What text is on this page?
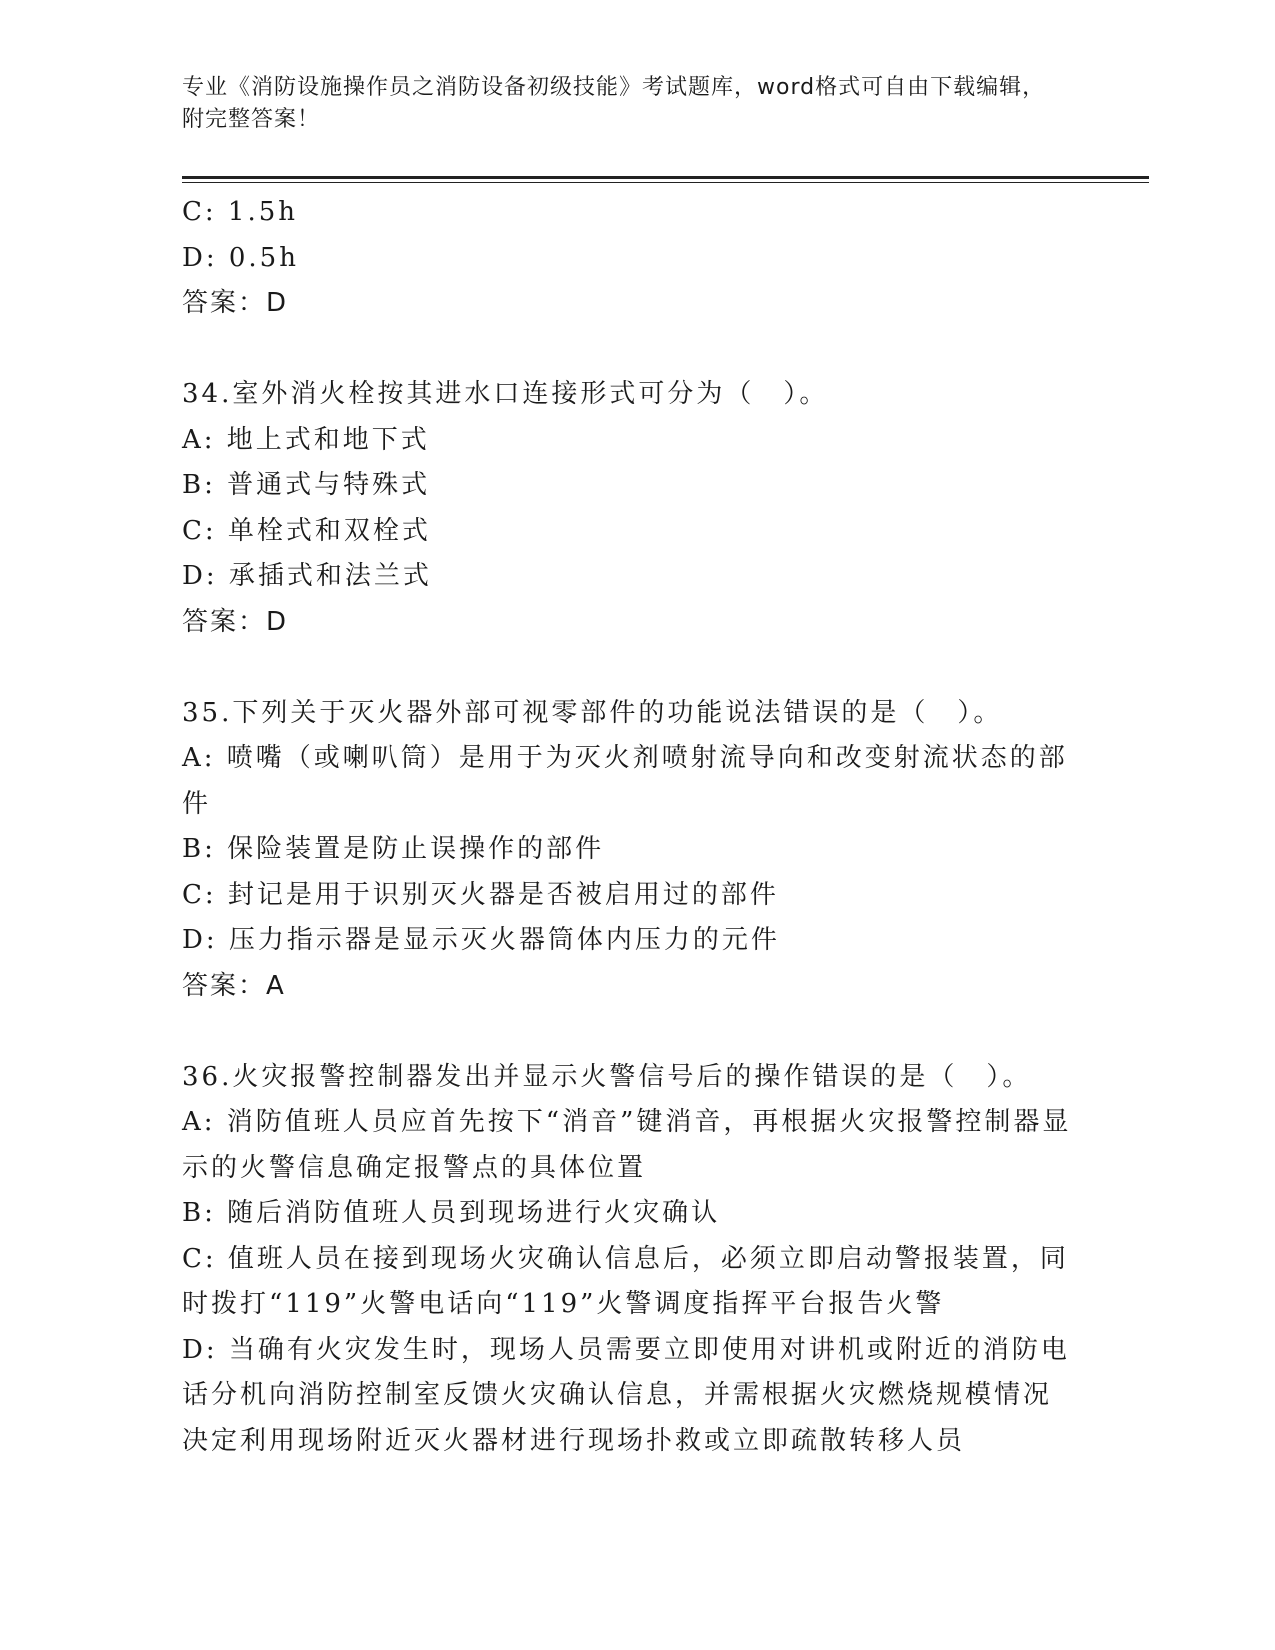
专业《消防设施操作员之消防设备初级技能》考试题库，word格式可自由下载编辑，附完整答案！
C: 1.5h
D: 0.5h
答案：D
34.室外消火栓按其进水口连接形式可分为（　）。
A: 地上式和地下式
B: 普通式与特殊式
C: 单栓式和双栓式
D: 承插式和法兰式
答案：D
35.下列关于灭火器外部可视零部件的功能说法错误的是（　）。
A: 喷嘴（或喇叭筒）是用于为灭火剂喷射流导向和改变射流状态的部件
B: 保险装置是防止误操作的部件
C: 封记是用于识别灭火器是否被启用过的部件
D: 压力指示器是显示灭火器筒体内压力的元件
答案：A
36.火灾报警控制器发出并显示火警信号后的操作错误的是（　）。
A: 消防值班人员应首先按下“消音”键消音，再根据火灾报警控制器显示的火警信息确定报警点的具体位置
B: 随后消防值班人员到现场进行火灾确认
C: 值班人员在接到现场火灾确认信息后，必须立即启动警报装置，同时拨打“119”火警电话向“119”火警调度指挥平台报告火警
D: 当确有火灾发生时，现场人员需要立即使用对讲机或附近的消防电话分机向消防控制室反馈火灾确认信息，并需根据火灾燃烧规模情况决定利用现场附近灭火器材进行现场扑救或立即疏散转移人员
